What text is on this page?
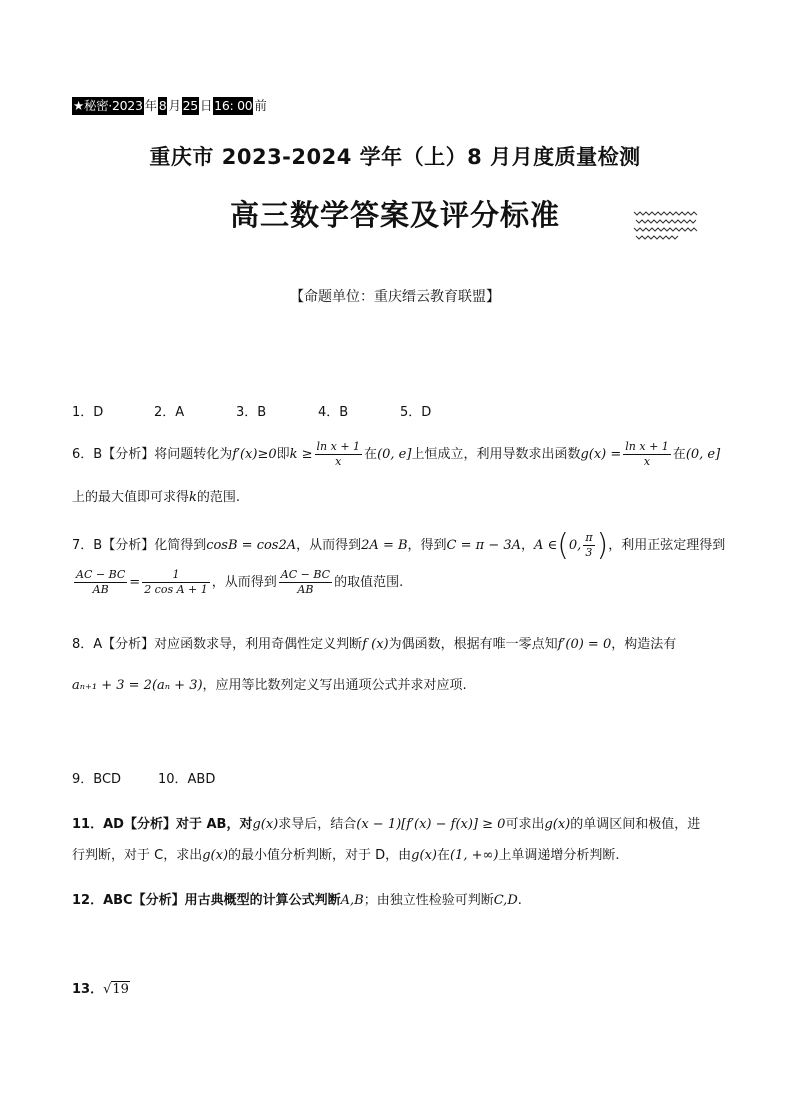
★秘密·2023 年 8 月 25 日 16: 00 前
重庆市 2023-2024 学年（上）8 月月度质量检测
高三数学答案及评分标准
【命题单位：重庆缙云教育联盟】
1．D	2．A	3．B	4．B	5．D
6．B【分析】将问题转化为f′(x)≥0即$k \ge \frac{\text{ln x + 1}}{x}$ 在(0, e]上恒成立，利用导数求出函数$g(x) = \frac{\text{ln x + 1}}{x}$ 在(0, e]
上的最大值即可求得k的范围.
7．B【分析】化简得到cosB = cos2A，从而得到2A = B，得到C = π − 3A，A ∈(0, $\frac{\pi}{3}$ )，利用正弦定理得到
$\frac{AC - BC}{AB} = \frac{1}{\text{2 cos A + 1}}$ ，从而得到 $\frac{AC - BC}{AB}$ 的取值范围.
8．A【分析】对应函数求导，利用奇偶性定义判断f (x)为偶函数，根据有唯一零点知f′(0) = 0，构造法有
aₙ₊₁ + 3 = 2(aₙ + 3)，应用等比数列定义写出通项公式并求对应项.
9．BCD	10．ABD
11．AD【分析】对于 AB，对g(x)求导后，结合(x − 1)[f′(x) − f(x)] ≥ 0可求出g(x)的单调区间和极值，进
行判断，对于 C，求出g(x)的最小值分析判断，对于 D，由g(x)在(1, +∞)上单调递增分析判断.
12．ABC【分析】用古典概型的计算公式判断A,B；由独立性检验可判断C,D.
13．√19
